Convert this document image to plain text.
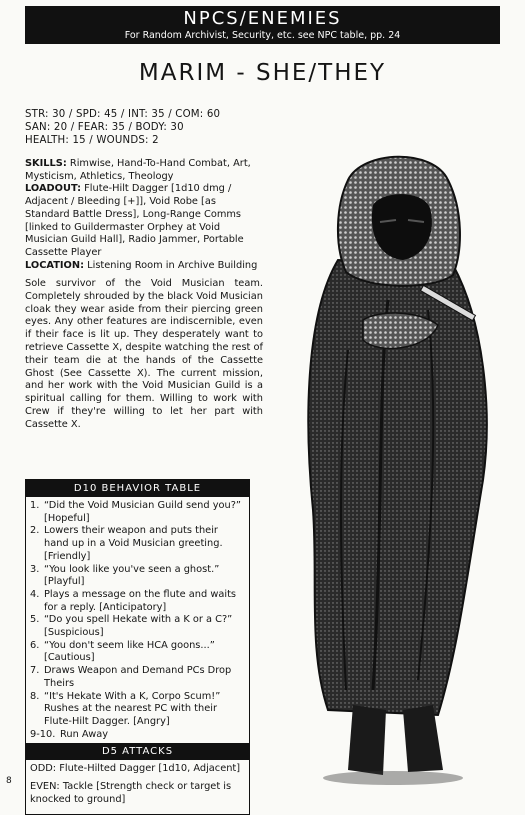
NPCS/ENEMIES
For Random Archivist, Security, etc. see NPC table, pp. 24
MARIM - SHE/THEY
STR: 30 / SPD: 45 / INT: 35 / COM: 60
SAN: 20 / FEAR: 35 / BODY: 30
HEALTH: 15 / WOUNDS: 2
SKILLS: Rimwise, Hand-To-Hand Combat, Art, Mysticism, Athletics, Theology
LOADOUT: Flute-Hilt Dagger [1d10 dmg / Adjacent / Bleeding [+]], Void Robe [as Standard Battle Dress], Long-Range Comms [linked to Guildermaster Orphey at Void Musician Guild Hall], Radio Jammer, Portable Cassette Player
LOCATION: Listening Room in Archive Building
Sole survivor of the Void Musician team. Completely shrouded by the black Void Musician cloak they wear aside from their piercing green eyes. Any other features are indiscernible, even if their face is lit up. They desperately want to retrieve Cassette X, despite watching the rest of their team die at the hands of the Cassette Ghost (See Cassette X). The current mission, and her work with the Void Musician Guild is a spiritual calling for them. Willing to work with Crew if they're willing to let her part with Cassette X.
D10 BEHAVIOR TABLE
1. “Did the Void Musician Guild send you?” [Hopeful]
2. Lowers their weapon and puts their hand up in a Void Musician greeting. [Friendly]
3. “You look like you've seen a ghost.” [Playful]
4. Plays a message on the flute and waits for a reply. [Anticipatory]
5. “Do you spell Hekate with a K or a C?” [Suspicious]
6. “You don't seem like HCA goons...” [Cautious]
7. Draws Weapon and Demand PCs Drop Theirs
8. “It's Hekate With a K, Corpo Scum!” Rushes at the nearest PC with their Flute-Hilt Dagger. [Angry]
9-10. Run Away
D5 ATTACKS
ODD: Flute-Hilted Dagger [1d10, Adjacent]
EVEN: Tackle [Strength check or target is knocked to ground]
8
